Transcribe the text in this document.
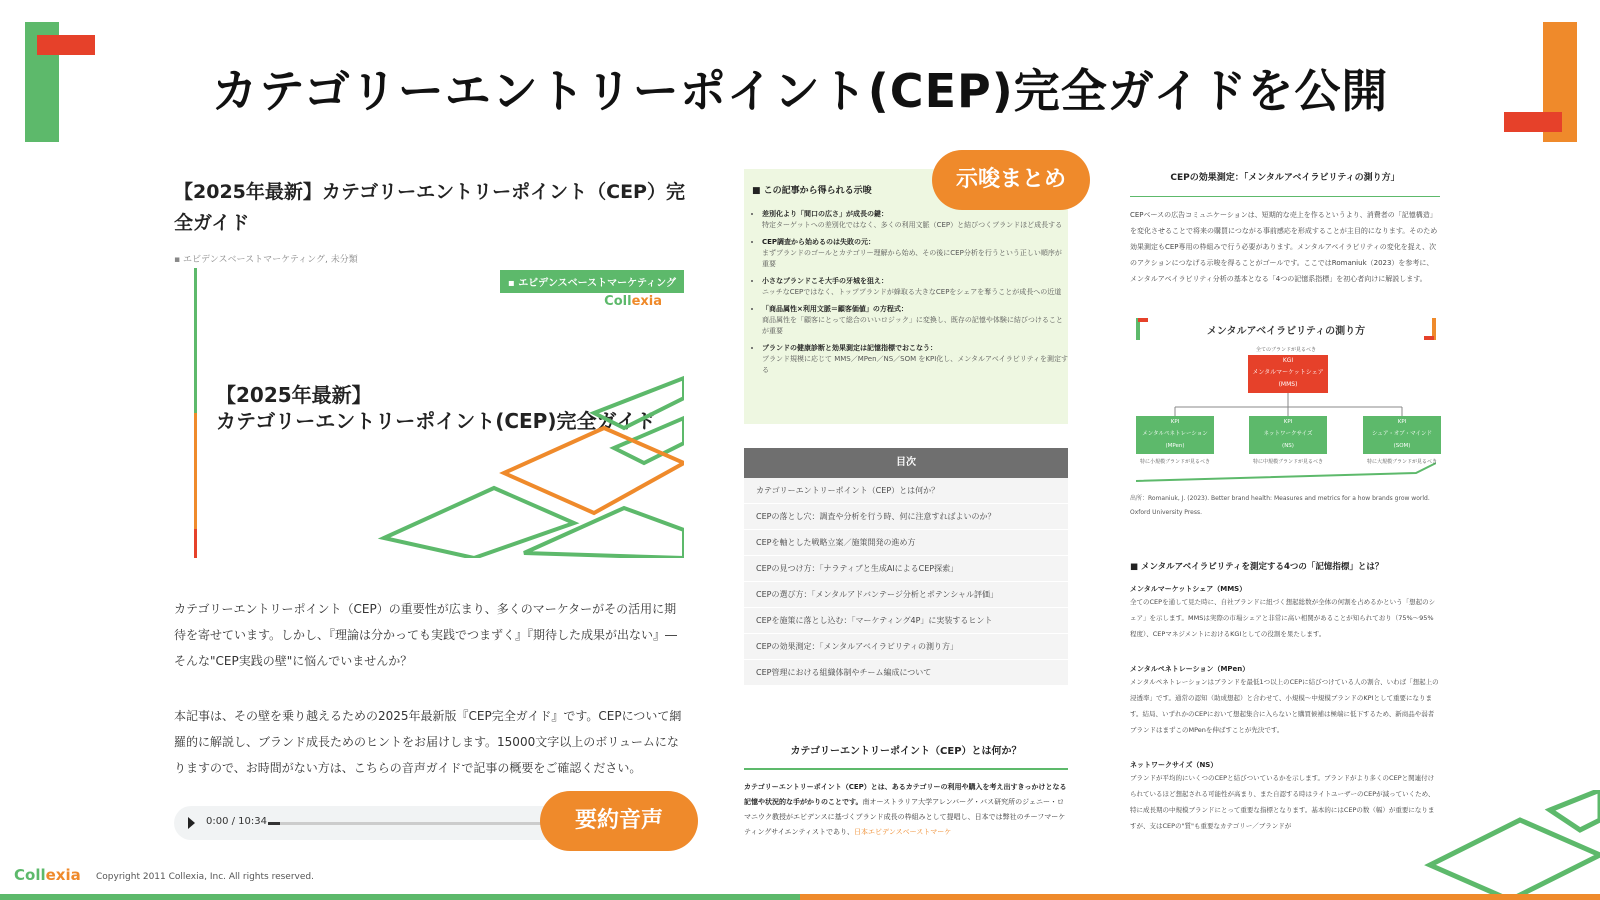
カテゴリーエントリーポイント(CEP)完全ガイドを公開
【2025年最新】カテゴリーエントリーポイント（CEP）完全ガイド
▪ エビデンスベーストマーケティング, 未分類
▪ エビデンスベーストマーケティング
Collexia
【2025年最新】
カテゴリーエントリーポイント(CEP)完全ガイド
カテゴリーエントリーポイント（CEP）の重要性が広まり、多くのマーケターがその活用に期待を寄せています。しかし、『理論は分かっても実践でつまずく』『期待した成果が出ない』―そんな"CEP実践の壁"に悩んでいませんか？
本記事は、その壁を乗り越えるための2025年最新版『CEP完全ガイド』です。CEPについて網羅的に解説し、ブランド成長ためのヒントをお届けします。15000文字以上のボリュームになりますので、お時間がない方は、こちらの音声ガイドで記事の概要をご確認ください。
0:00 / 10:34	要約音声
■ この記事から得られる示唆
• 差別化より「間口の広さ」が成長の鍵：
特定ターゲットへの差別化ではなく、多くの利用文脈（CEP）と結びつくブランドほど成長する
• CEP調査から始めるのは失敗の元：
まずブランドのゴールとカテゴリー理解から始め、その後にCEP分析を行うという正しい順序が重要
• 小さなブランドこそ大手の牙城を狙え：
ニッチなCEPではなく、トップブランドが蜂取る大きなCEPをシェアを奪うことが成長への近道
• 「商品属性×利用文脈＝顧客価値」の方程式：
商品属性を「顧客にとって総合のいいロジック」に変換し、既存の記憶や体験に結びつけることが重要
• ブランドの健康診断と効果測定は記憶指標でおこなう：
ブランド規模に応じて MMS／MPen／NS／SOM をKPI化し、メンタルアベイラビリティを測定する
示唆まとめ
目次
カテゴリーエントリーポイント（CEP）とは何か？
CEPの落とし穴：調査や分析を行う時、何に注意すればよいのか？
CEPを軸とした戦略立案／施策開発の進め方
CEPの見つけ方：「ナラティブと生成AIによるCEP探索」
CEPの選び方：「メンタルアドバンテージ分析とポテンシャル評価」
CEPを施策に落とし込む：「マーケティング4P」に実装するヒント
CEPの効果測定：「メンタルアベイラビリティの測り方」
CEP管理における組織体制やチーム編成について
カテゴリーエントリーポイント（CEP）とは何か？
カテゴリーエントリーポイント（CEP）とは、あるカテゴリーの利用や購入を考え出すきっかけとなる記憶や状況的な手がかりのことです。南オーストラリア大学アレンバーグ・バス研究所のジェニー・ロマニウク教授がエビデンスに基づくブランド成長の枠組みとして提唱し、日本では弊社のチーフマーケティングサイエンティストであり、日本エビデンスベーストマーケ
CEPの効果測定：「メンタルアベイラビリティの測り方」
CEPベースの広告コミュニケーションは、短期的な売上を作るというより、消費者の「記憶構造」を変化させることで将来の購買につながる事前感応を形成することが主目的になります。そのため効果測定もCEP専用の枠組みで行う必要があります。メンタルアベイラビリティの変化を捉え、次のアクションにつなげる示唆を得ることがゴールです。ここではRomaniuk（2023）を参考に、メンタルアベイラビリティ分析の基本となる「4つの記憶系指標」を初心者向けに解説します。
メンタルアベイラビリティの測り方
全てのブランドが見るべき
KGI
メンタルマーケットシェア
(MMS)
KPI
メンタルペネトレーション
(MPen)
KPI
ネットワークサイズ
(NS)
KPI
シェア・オブ・マインド
(SOM)
特に小規模ブランドが見るべき	特に中規模ブランドが見るべき	特に大規模ブランドが見るべき
出所：Romaniuk, J. (2023). Better brand health: Measures and metrics for a how brands grow world. Oxford University Press.
■ メンタルアベイラビリティを測定する4つの「記憶指標」とは？
メンタルマーケットシェア（MMS）
全てのCEPを通して見た時に、自社ブランドに紐づく想起総数が全体の何割を占めるかという「想起のシェア」を示します。MMSは実際の市場シェアと非常に高い相関があることが知られており（75%～95%程度）、CEPマネジメントにおけるKGIとしての役割を果たします。
メンタルペネトレーション（MPen）
メンタルペネトレーションはブランドを最低1つ以上のCEPに結びつけている人の割合、いわば「想起上の浸透率」です。通常の認知（助成想起）と合わせて、小規模～中規模ブランドのKPIとして重要になります。結局、いずれかのCEPにおいて想起集合に入らないと購買候補は極端に低下するため、新商品や弱者ブランドはまずこのMPenを伸ばすことが先決です。
ネットワークサイズ（NS）
ブランドが平均的にいくつのCEPと結びついているかを示します。ブランドがより多くのCEPと関連付けられているほど想起される可能性が高まり、また自認する時はライトユーザーのCEPが減っていくため、特に成長期の中規模ブランドにとって重要な指標となります。基本的にはCEPの数（幅）が重要になりますが、支はCEPの"質"も重要なカテゴリー／ブランドが
Collexia Copyright 2011 Collexia, Inc. All rights reserved.
